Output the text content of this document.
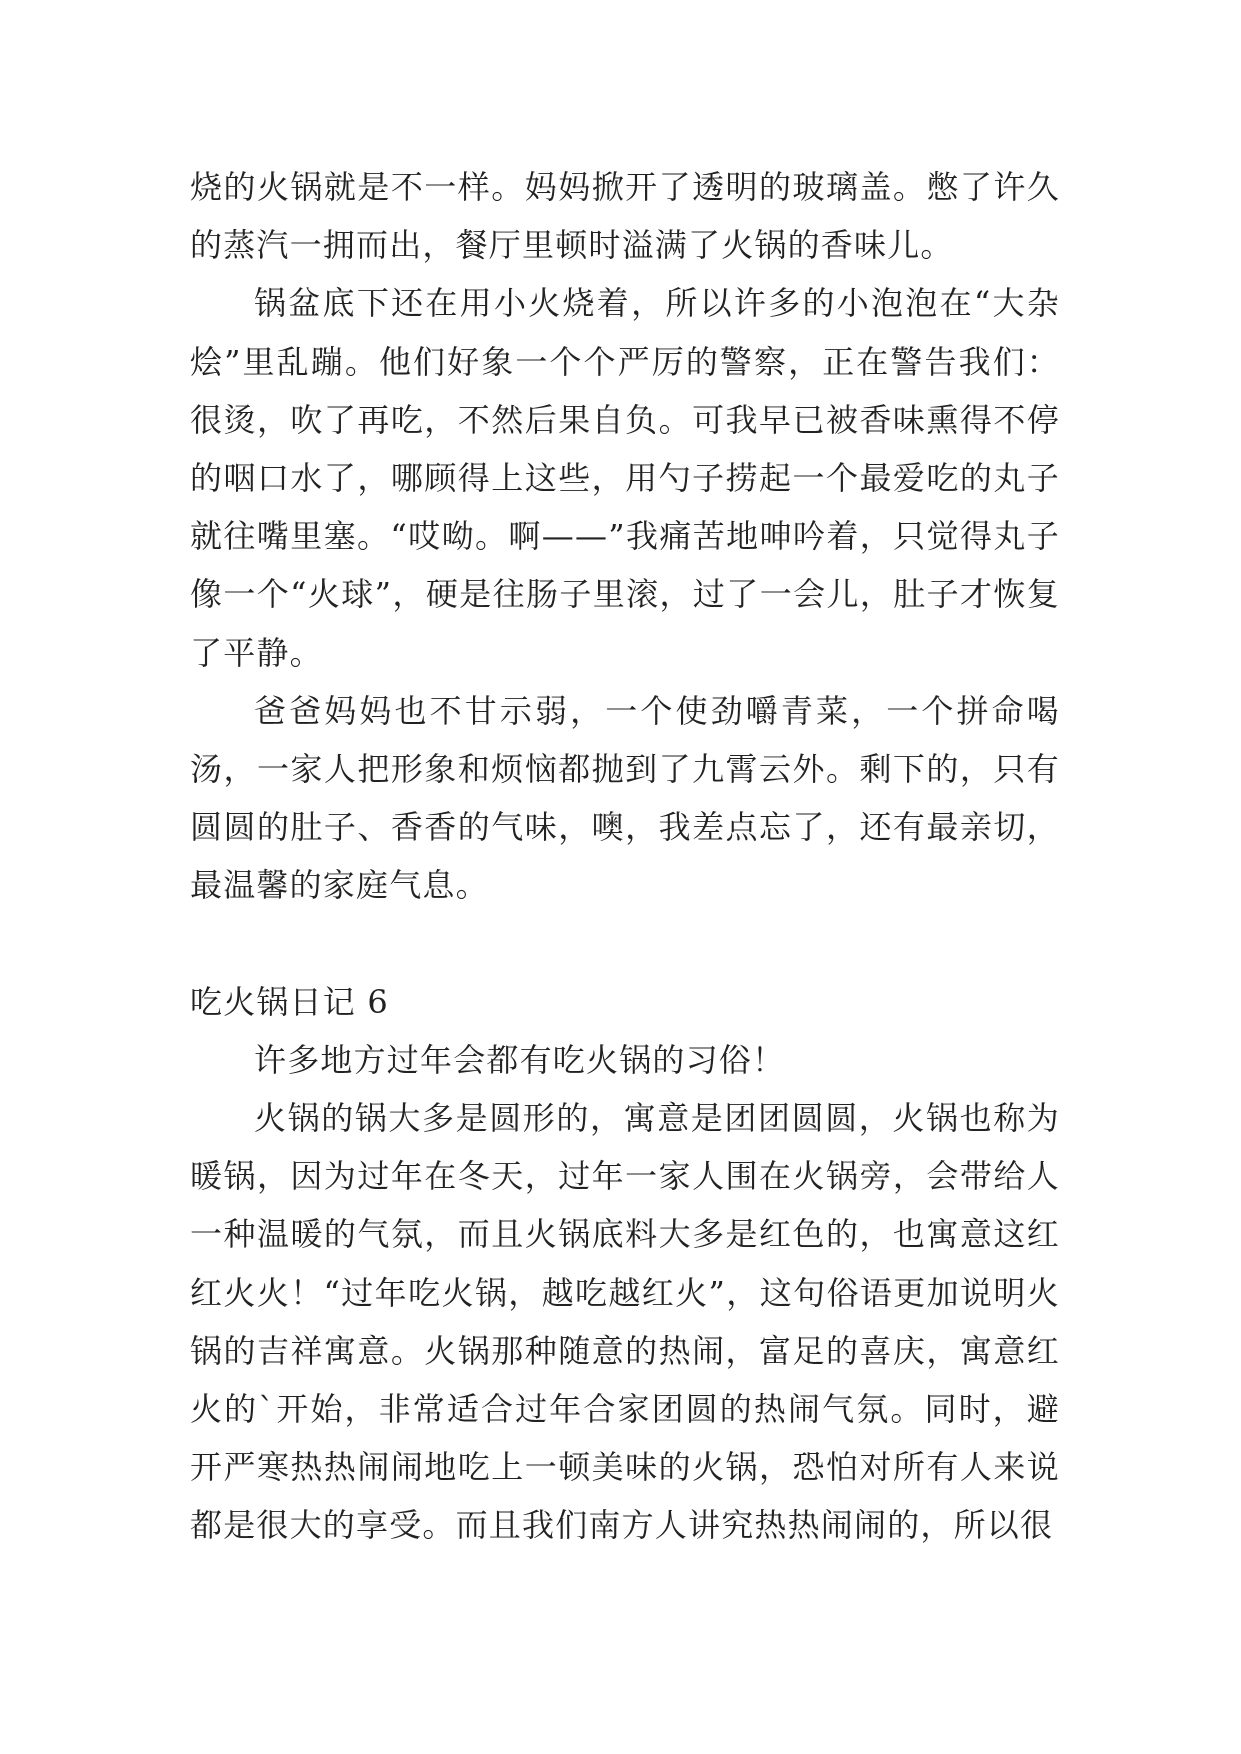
烧的火锅就是不一样。妈妈掀开了透明的玻璃盖。憋了许久的蒸汽一拥而出，餐厅里顿时溢满了火锅的香味儿。

锅盆底下还在用小火烧着，所以许多的小泡泡在“大杂烩”里乱蹦。他们好象一个个严厉的警察，正在警告我们：很烫，吹了再吃，不然后果自负。可我早已被香味熏得不停的咽口水了，哪顾得上这些，用勺子捞起一个最爱吃的丸子就往嘴里塞。“哎呦。啊——”我痛苦地呻吟着，只觉得丸子像一个“火球”，硬是往肠子里滚，过了一会儿，肚子才恢复了平静。

爸爸妈妈也不甘示弱，一个使劲嚼青菜，一个拼命喝汤，一家人把形象和烦恼都抛到了九霄云外。剩下的，只有圆圆的肚子、香香的气味，噢，我差点忘了，还有最亲切，最温馨的家庭气息。

吃火锅日记 6

许多地方过年会都有吃火锅的习俗！

火锅的锅大多是圆形的，寓意是团团圆圆，火锅也称为暖锅，因为过年在冬天，过年一家人围在火锅旁，会带给人一种温暖的气氛，而且火锅底料大多是红色的，也寓意这红红火火！“过年吃火锅，越吃越红火”，这句俗语更加说明火锅的吉祥寓意。火锅那种随意的热闹，富足的喜庆，寓意红火的`开始，非常适合过年合家团圆的热闹气氛。同时，避开严寒热热闹闹地吃上一顿美味的火锅，恐怕对所有人来说都是很大的享受。而且我们南方人讲究热热闹闹的，所以很
